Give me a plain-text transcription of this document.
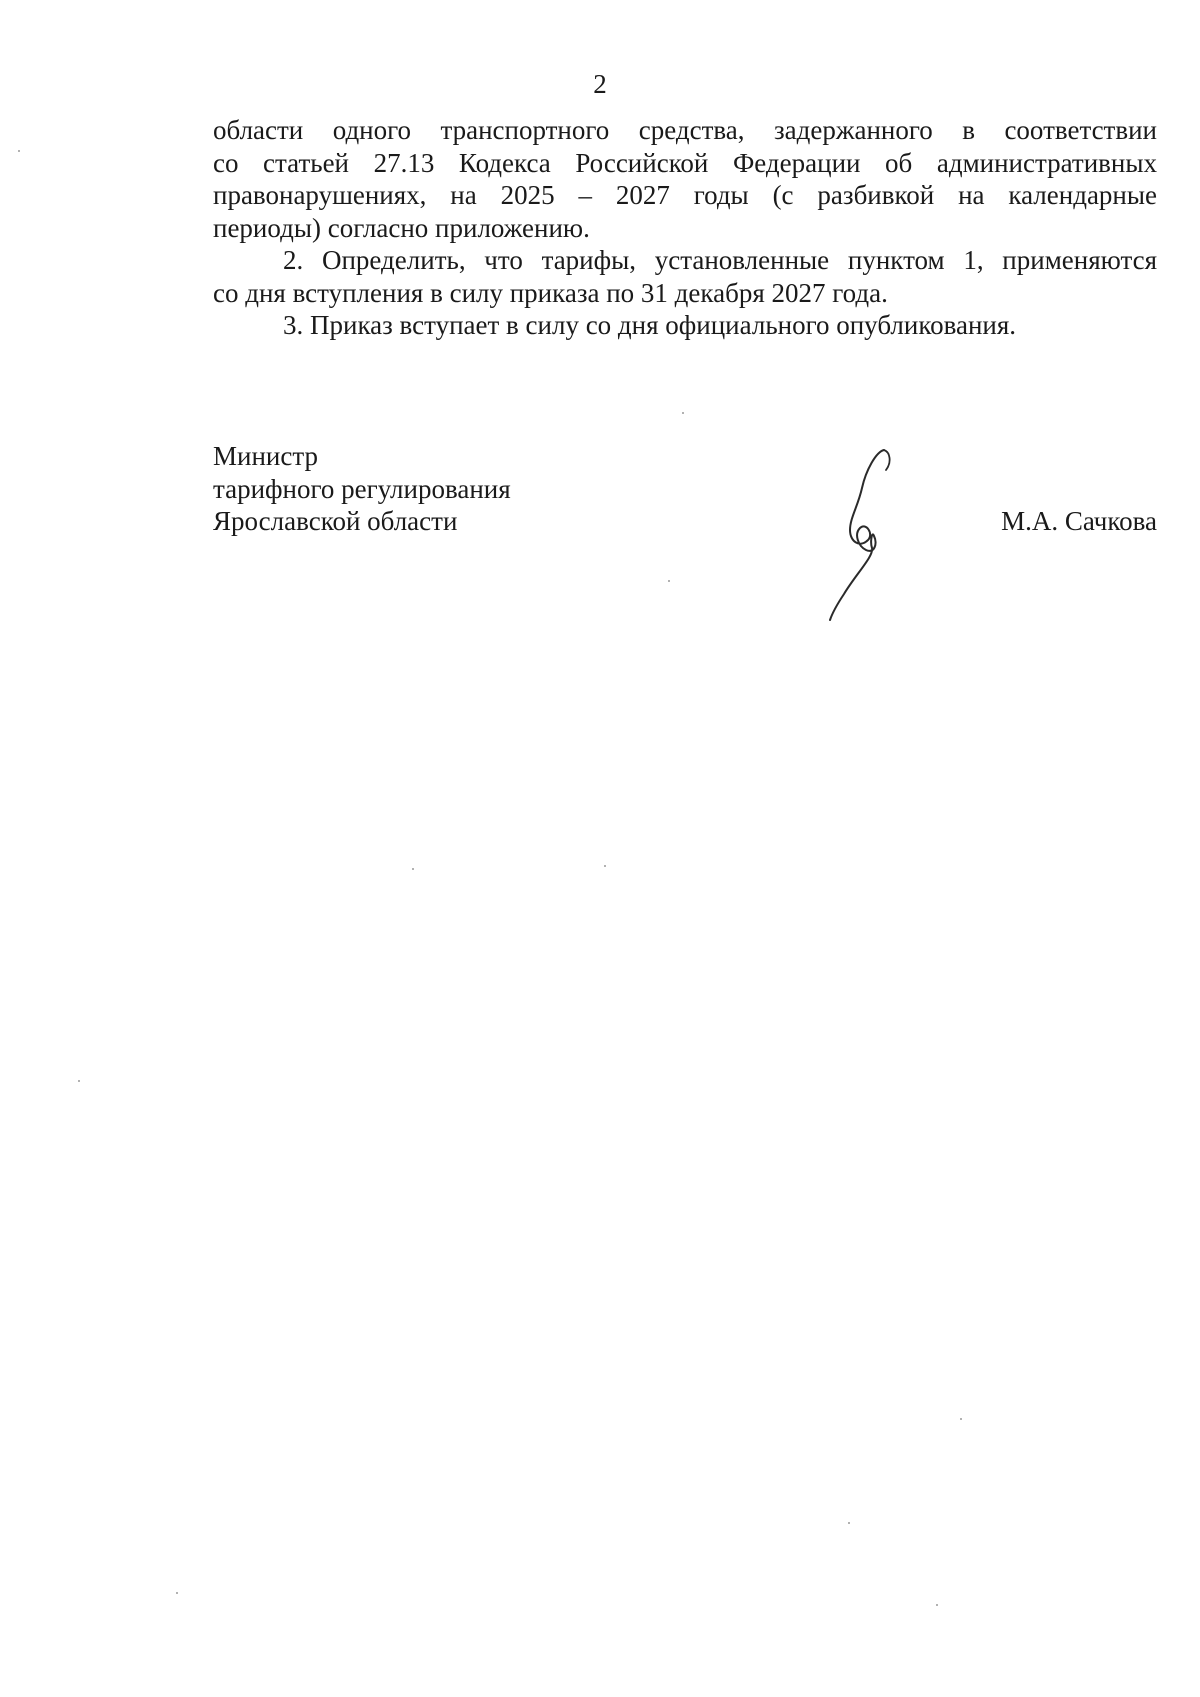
2

области одного транспортного средства, задержанного в соответствии
со статьей 27.13 Кодекса Российской Федерации об административных
правонарушениях, на 2025 – 2027 годы (с разбивкой на календарные
периоды) согласно приложению.

2. Определить, что тарифы, установленные пунктом 1, применяются
со дня вступления в силу приказа по 31 декабря 2027 года.

3. Приказ вступает в силу со дня официального опубликования.

Министр
тарифного регулирования
Ярославской области	М.А. Сачкова
